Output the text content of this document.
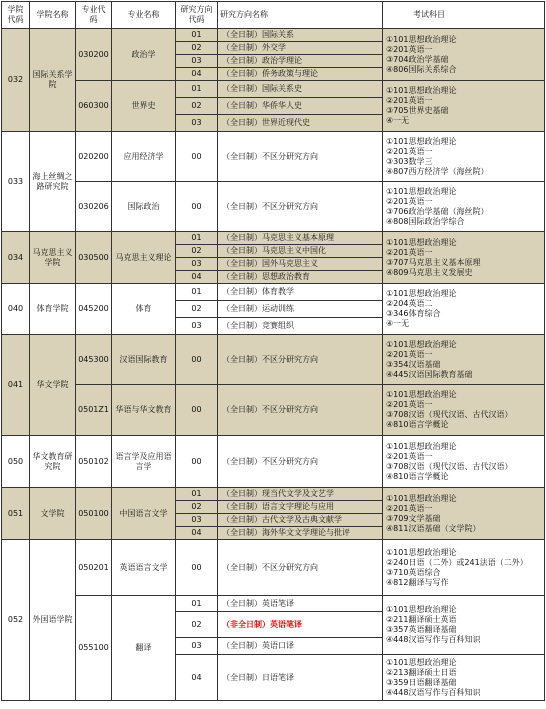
学院代码	学院名称	专业代码	专业名称	研究方向代码	研究方向名称	考试科目
032	国际关系学院	030200	政治学	01	（全日制）国际关系	①101思想政治理论
②201英语一
③704政治学基础
④806国际关系综合

				02	（全日制）外交学	
				03	（全日制）政治学理论	
				04	（全日制）侨务政策与理论	
		060300	世界史	01	（全日制）国际关系史	①101思想政治理论
②201英语一
③705世界史基础
④一无

				02	（全日制）华侨华人史	
				03	（全日制）世界近现代史	
033	海上丝绸之路研究院	020200	应用经济学	00	（全日制）不区分研究方向	①101思想政治理论
②201英语一
③303数学三
④807西方经济学（海丝院）

		030206	国际政治	00	（全日制）不区分研究方向	①101思想政治理论
②201英语一
③706政治学基础（海丝院）
④808国际政治学综合

034	马克思主义学院	030500	马克思主义理论	01	（全日制）马克思主义基本原理	①101思想政治理论
②201英语一
③707马克思主义基本原理
④809马克思主义发展史

				02	（全日制）马克思主义中国化	
				03	（全日制）国外马克思主义	
				04	（全日制）思想政治教育	
040	体育学院	045200	体育	01	（全日制）体育教学	①101思想政治理论
②204英语二
③346体育综合
④一无

				02	（全日制）运动训练	
				03	（全日制）竞赛组织	
041	华文学院	045300	汉语国际教育	00	（全日制）不区分研究方向	①101思想政治理论
②201英语一
③354汉语基础
④445汉语国际教育基础

		0501Z1	华语与华文教育	00	（全日制）不区分研究方向	①101思想政治理论
②201英语一
③708汉语（现代汉语、古代汉语）
④810语言学概论

050	华文教育研究院	050102	语言学及应用语言学	00	（全日制）不区分研究方向	①101思想政治理论
②201英语一
③708汉语（现代汉语、古代汉语）
④810语言学概论

051	文学院	050100	中国语言文学	01	（全日制）现当代文学及文艺学	①101思想政治理论
②201英语一
③709文学基础
④811汉语基础（文学院）

				02	（全日制）语言文字理论与应用	
				03	（全日制）古代文学及古典文献学	
				04	（全日制）海外华文文学理论与批评	
052	外国语学院	050201	英语语言文学	00	（全日制）不区分研究方向	①101思想政治理论
②240日语（二外）或241法语（二外）
③710英语综合
④812翻译与写作

		055100	翻译	01	（全日制）英语笔译	①101思想政治理论
②211翻译硕士英语
③357英语翻译基础
④448汉语写作与百科知识

				02	（非全日制）英语笔译	
				03	（全日制）英语口译	
				04	（全日制）日语笔译	①101思想政治理论
②213翻译硕士日语
③359日语翻译基础
④448汉语写作与百科知识
